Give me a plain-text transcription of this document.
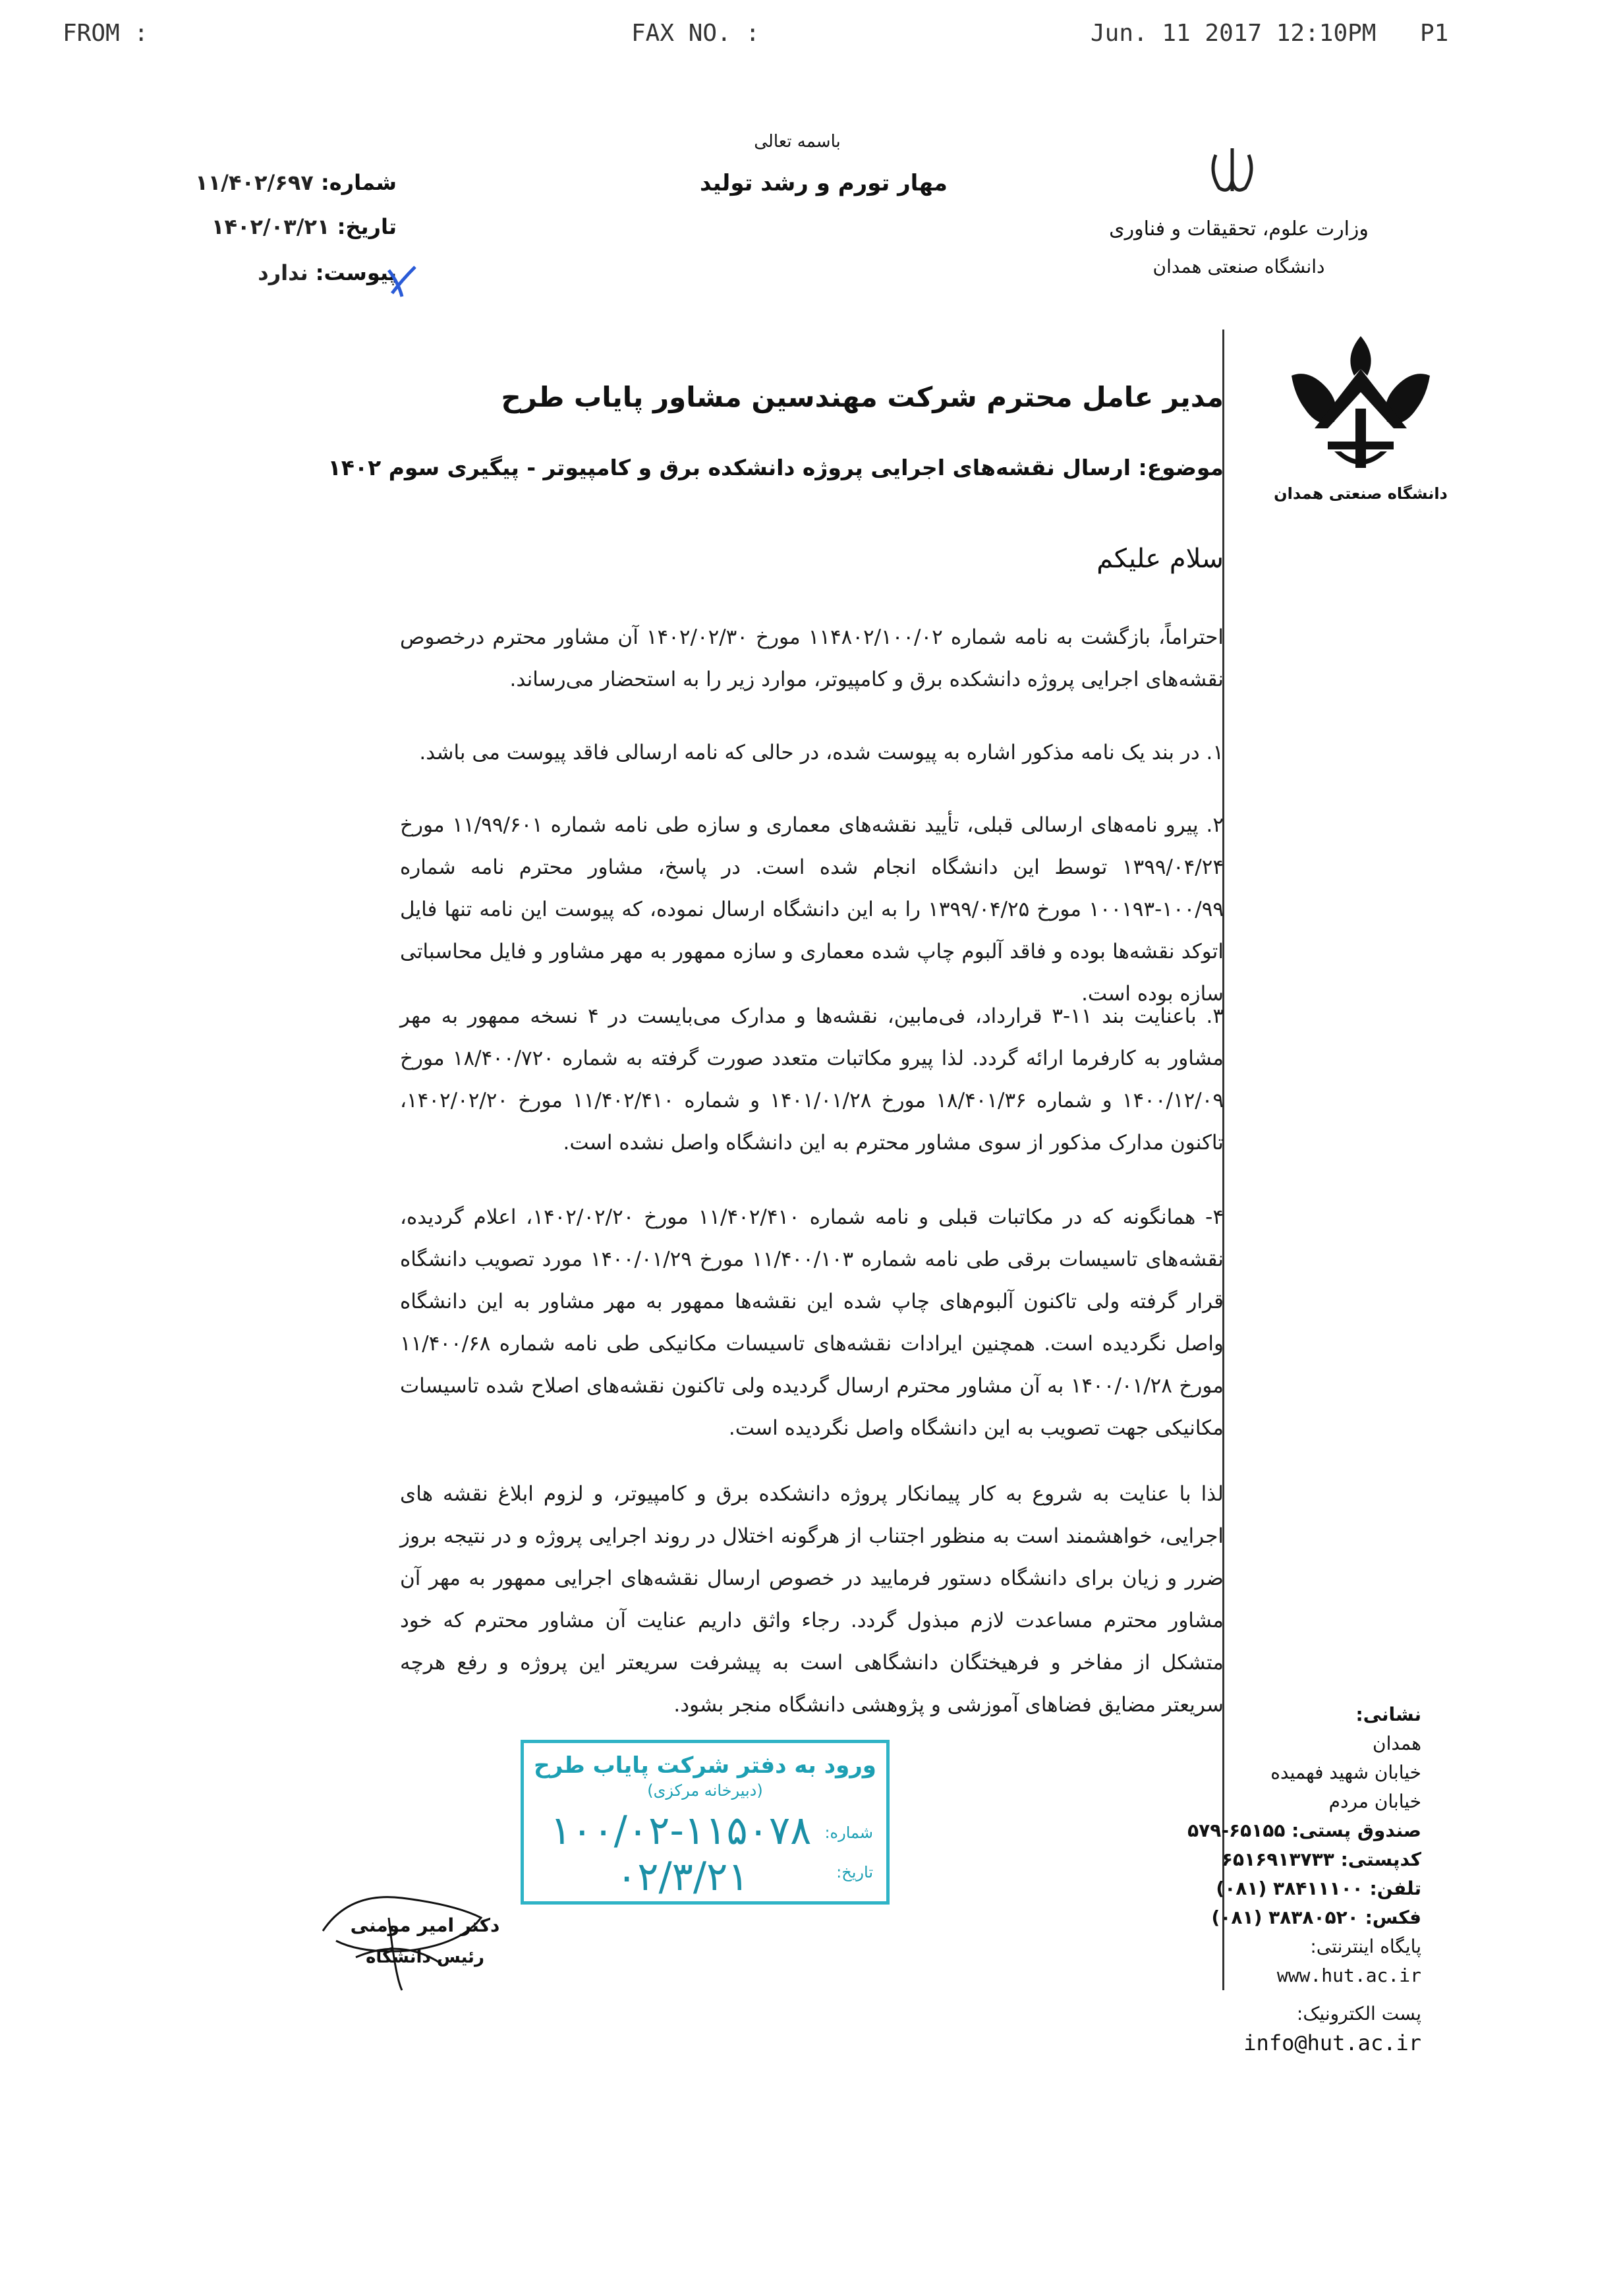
FROM :	FAX NO. :	Jun. 11 2017 12:10PM P1
باسمه تعالی
مهار تورم و رشد تولید
وزارت علوم، تحقیقات و فناوری
دانشگاه صنعتی همدان
دانشگاه صنعتی همدان
شماره: ۱۱/۴۰۲/۶۹۷
تاریخ: ۱۴۰۲/۰۳/۲۱
پیوست: ندارد
مدیر عامل محترم شرکت مهندسین مشاور پایاب طرح
موضوع: ارسال نقشه‌های اجرایی پروژه دانشکده برق و کامپیوتر - پیگیری سوم ۱۴۰۲
سلام علیکم
احتراماً، بازگشت به نامه شماره ۱۱۴۸۰۲/۱۰۰/۰۲ مورخ ۱۴۰۲/۰۲/۳۰ آن مشاور محترم درخصوص نقشه‌های اجرایی پروژه دانشکده برق و کامپیوتر، موارد زیر را به استحضار می‌رساند.
۱. در بند یک نامه مذکور اشاره به پیوست شده، در حالی که نامه ارسالی فاقد پیوست می باشد.
۲. پیرو نامه‌های ارسالی قبلی، تأیید نقشه‌های معماری و سازه طی نامه شماره ۱۱/۹۹/۶۰۱ مورخ ۱۳۹۹/۰۴/۲۴ توسط این دانشگاه انجام شده است. در پاسخ، مشاور محترم نامه شماره ۱۰۰/۹۹-۱۰۰۱۹۳ مورخ ۱۳۹۹/۰۴/۲۵ را به این دانشگاه ارسال نموده، که پیوست این نامه تنها فایل اتوکد نقشه‌ها بوده و فاقد آلبوم چاپ شده معماری و سازه ممهور به مهر مشاور و فایل محاسباتی سازه بوده است.
۳. باعنایت بند ۱۱-۳ قرارداد، فی‌مابین، نقشه‌ها و مدارک می‌بایست در ۴ نسخه ممهور به مهر مشاور به کارفرما ارائه گردد. لذا پیرو مکاتبات متعدد صورت گرفته به شماره ۱۸/۴۰۰/۷۲۰ مورخ ۱۴۰۰/۱۲/۰۹ و شماره ۱۸/۴۰۱/۳۶ مورخ ۱۴۰۱/۰۱/۲۸ و شماره ۱۱/۴۰۲/۴۱۰ مورخ ۱۴۰۲/۰۲/۲۰، تاکنون مدارک مذکور از سوی مشاور محترم به این دانشگاه واصل نشده است.
۴- همانگونه که در مکاتبات قبلی و نامه شماره ۱۱/۴۰۲/۴۱۰ مورخ ۱۴۰۲/۰۲/۲۰، اعلام گردیده، نقشه‌های تاسیسات برقی طی نامه شماره ۱۱/۴۰۰/۱۰۳ مورخ ۱۴۰۰/۰۱/۲۹ مورد تصویب دانشگاه قرار گرفته ولی تاکنون آلبوم‌های چاپ شده این نقشه‌ها ممهور به مهر مشاور به این دانشگاه واصل نگردیده است. همچنین ایرادات نقشه‌های تاسیسات مکانیکی طی نامه شماره ۱۱/۴۰۰/۶۸ مورخ ۱۴۰۰/۰۱/۲۸ به آن مشاور محترم ارسال گردیده ولی تاکنون نقشه‌های اصلاح شده تاسیسات مکانیکی جهت تصویب به این دانشگاه واصل نگردیده است.
لذا با عنایت به شروع به کار پیمانکار پروژه دانشکده برق و کامپیوتر، و لزوم ابلاغ نقشه های اجرایی، خواهشمند است به منظور اجتناب از هرگونه اختلال در روند اجرایی پروژه و در نتیجه بروز ضرر و زیان برای دانشگاه دستور فرمایید در خصوص ارسال نقشه‌های اجرایی ممهور به مهر آن مشاور محترم مساعدت لازم مبذول گردد. رجاء واثق داریم عنایت آن مشاور محترم که خود متشکل از مفاخر و فرهیختگان دانشگاهی است به پیشرفت سریعتر این پروژه و رفع هرچه سریعتر مضایق فضاهای آموزشی و پژوهشی دانشگاه منجر بشود.
ورود به دفتر شرکت پایاب طرح
(دبیرخانه مرکزی)
شماره:
۱۰۰/۰۲-۱۱۵۰۷۸
تاریخ:
۰۲/۳/۲۱
دکتر امیر مومنی
رئیس دانشگاه
نشانی:
همدان
خیابان شهید فهمیده
خیابان مردم
صندوق پستی: ۶۵۱۵۵-۵۷۹
کدپستی: ۶۵۱۶۹۱۳۷۳۳
تلفن: ۳۸۴۱۱۱۰۰ (۰۸۱)
فکس: ۳۸۳۸۰۵۲۰ (۰۸۱)
پایگاه اینترنتی:
www.hut.ac.ir
پست الکترونیک:
info@hut.ac.ir
